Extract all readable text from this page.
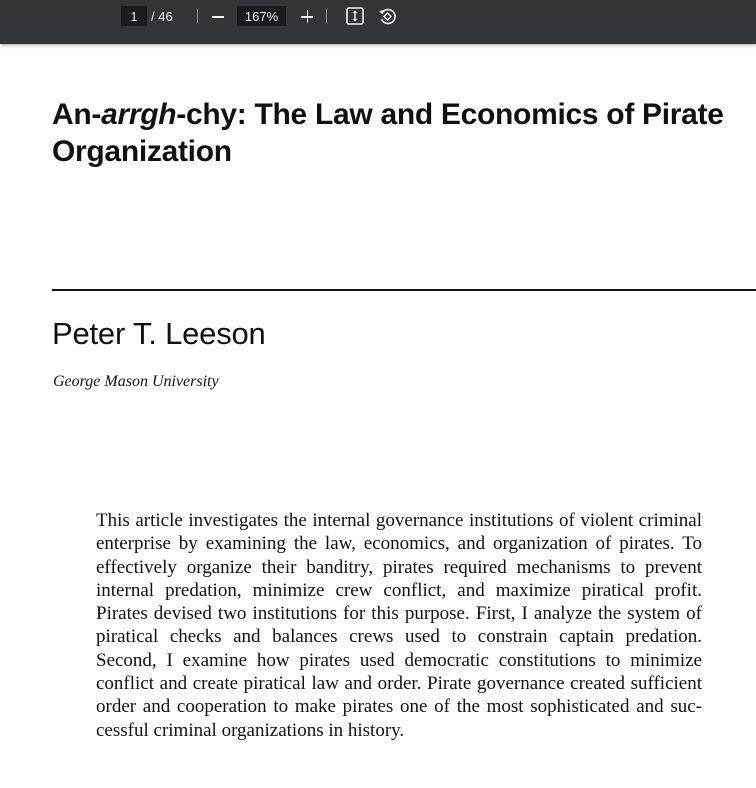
1
/ 46
167%
An-arrgh-chy: The Law and Economics of Pirate Organization
Peter T. Leeson
George Mason University

This article investigates the internal governance institutions of violent criminal enterprise by examining the law, economics, and organization of pirates. To effectively organize their banditry, pirates required mechanisms to prevent internal predation, minimize crew conflict, and maximize piratical profit. Pirates devised two institutions for this purpose. First, I analyze the system of piratical checks and balances crews used to constrain captain predation. Second, I examine how pirates used democratic constitutions to minimize conflict and create piratical law and order. Pirate governance created sufficient order and cooperation to make pirates one of the most sophisticated and successful criminal organizations in history.
